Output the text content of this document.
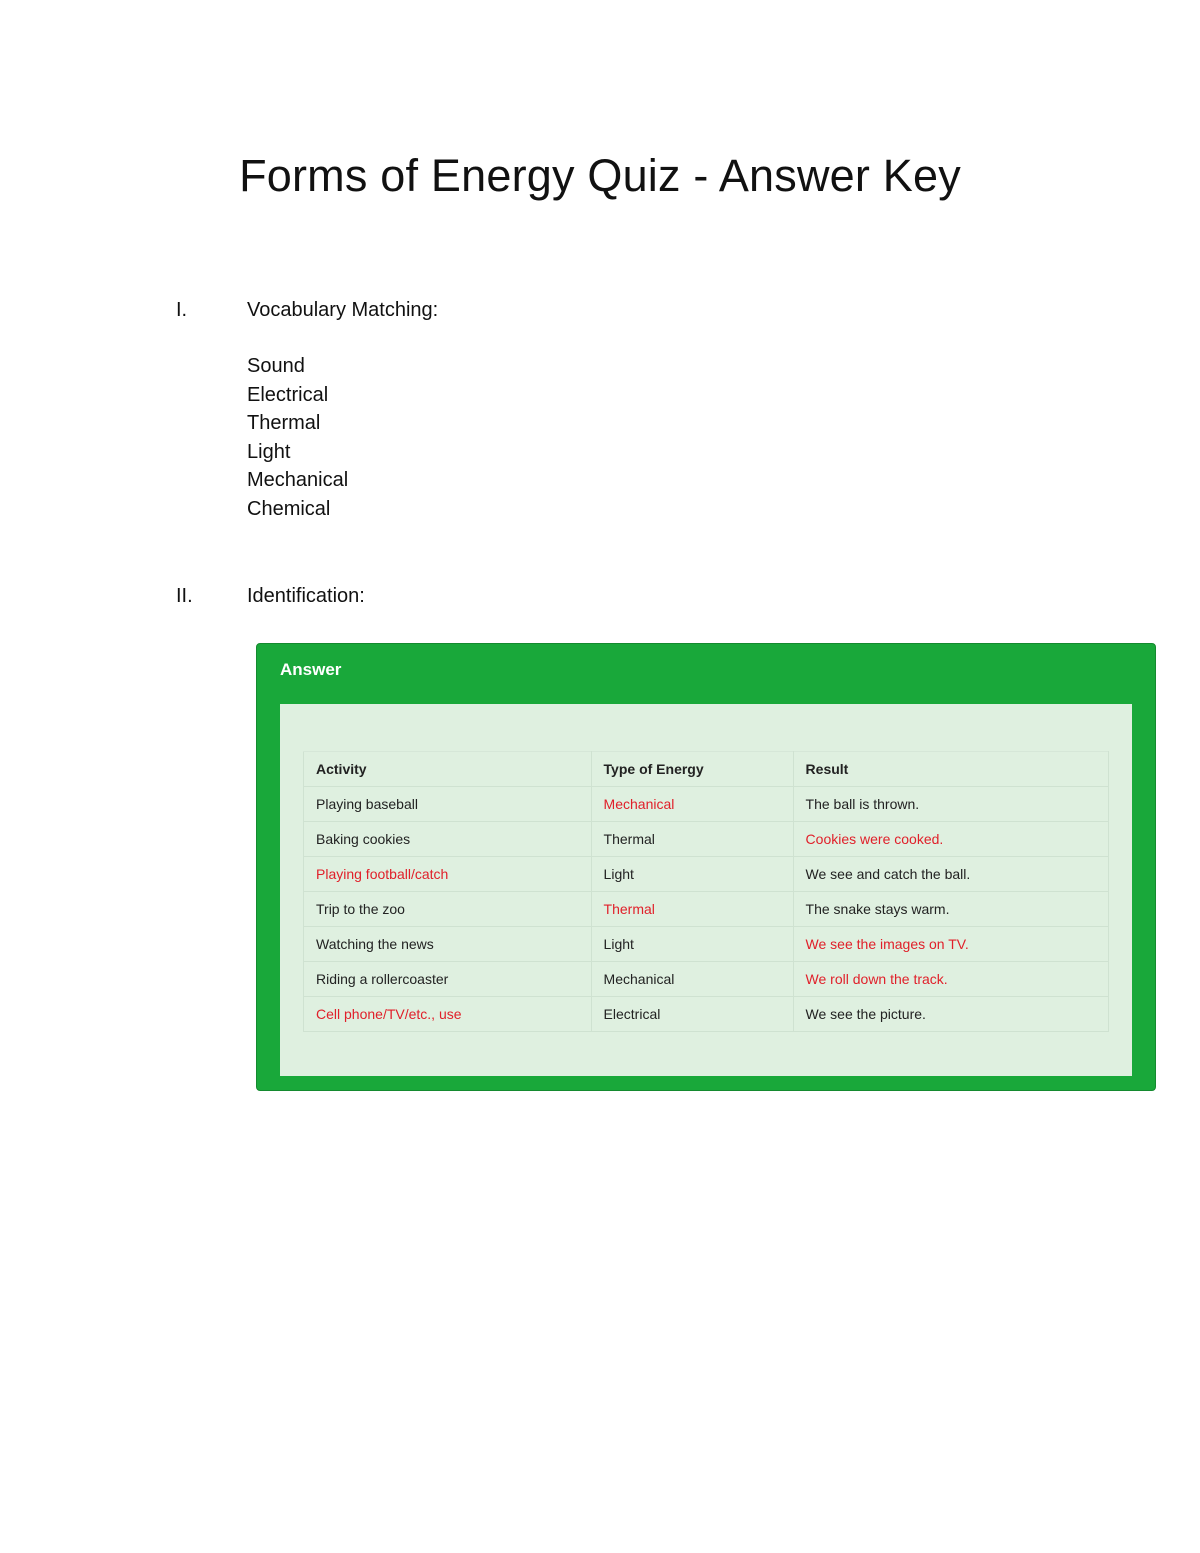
Forms of Energy Quiz - Answer Key
I.	Vocabulary Matching:
Sound
Electrical
Thermal
Light
Mechanical
Chemical
II.	Identification:
Answer
Activity	Type of Energy	Result
Playing baseball	Mechanical	The ball is thrown.
Baking cookies	Thermal	Cookies were cooked.
Playing football/catch	Light	We see and catch the ball.
Trip to the zoo	Thermal	The snake stays warm.
Watching the news	Light	We see the images on TV.
Riding a rollercoaster	Mechanical	We roll down the track.
Cell phone/TV/etc., use	Electrical	We see the picture.
